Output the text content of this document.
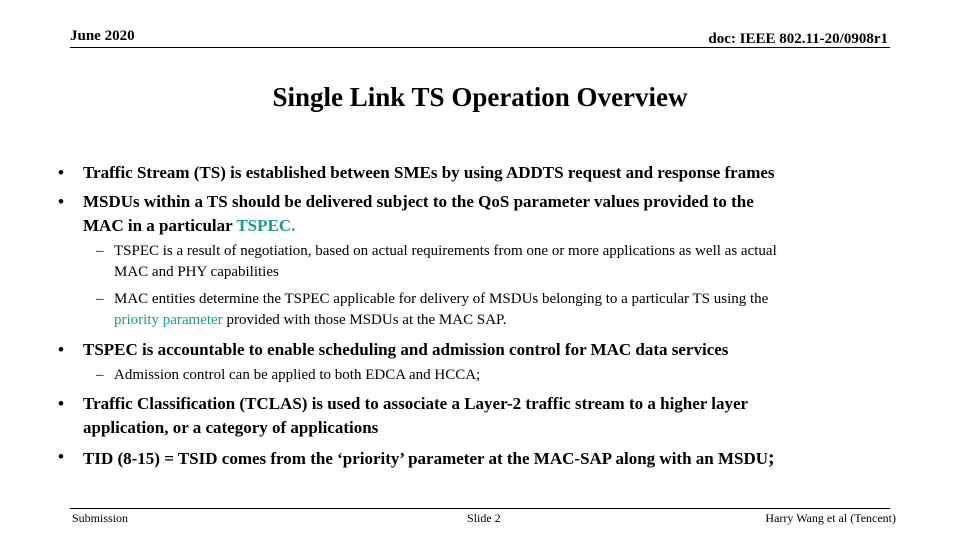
June 2020	doc: IEEE 802.11-20/0908r1
Single Link TS Operation Overview
• Traffic Stream (TS) is established between SMEs by using ADDTS request and response frames
• MSDUs within a TS should be delivered subject to the QoS parameter values provided to the
MAC in a particular TSPEC.
– TSPEC is a result of negotiation, based on actual requirements from one or more applications as well as actual
MAC and PHY capabilities
– MAC entities determine the TSPEC applicable for delivery of MSDUs belonging to a particular TS using the
priority parameter provided with those MSDUs at the MAC SAP.
• TSPEC is accountable to enable scheduling and admission control for MAC data services
– Admission control can be applied to both EDCA and HCCA;
• Traffic Classification (TCLAS) is used to associate a Layer-2 traffic stream to a higher layer
application, or a category of applications
• TID (8-15) = TSID comes from the ‘priority’ parameter at the MAC-SAP along with an MSDU;
Submission	Slide 2	Harry Wang et al (Tencent)
